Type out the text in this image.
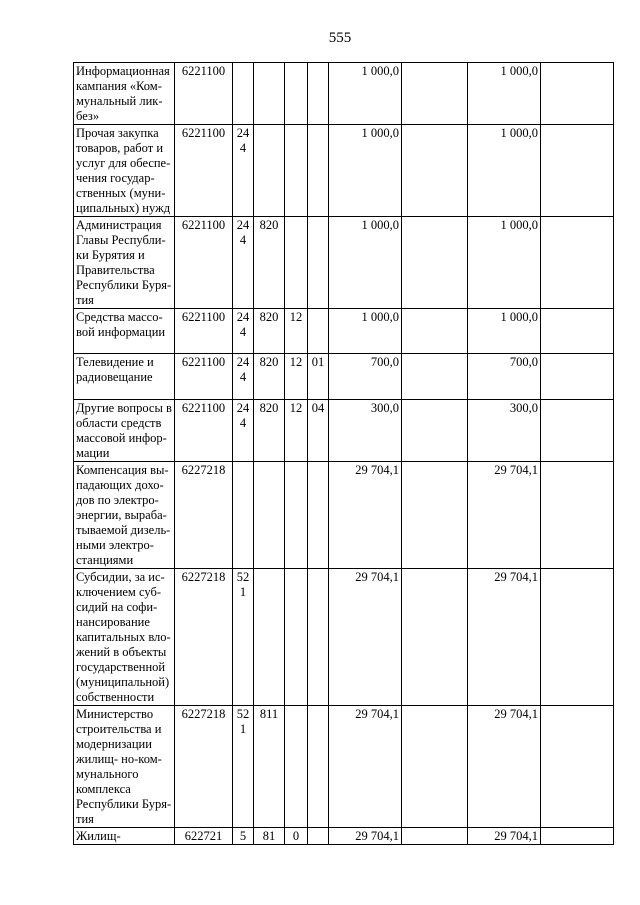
555
Информационная кампания «Коммунальный ликбез»	6221100					1 000,0		1 000,0	
Прочая закупка товаров, работ и услуг для обеспечения государственных (муниципальных) нужд	6221100	244				1 000,0		1 000,0	
Администрация Главы Республики Бурятия и Правительства Республики Бурятия	6221100	244	820			1 000,0		1 000,0	
Средства массовой информации	6221100	244	820	12		1 000,0		1 000,0	
Телевидение и радиовещание	6221100	244	820	12	01	700,0		700,0	
Другие вопросы в области средств массовой информации	6221100	244	820	12	04	300,0		300,0	
Компенсация выпадающих доходов по электроэнергии, вырабатываемой дизельными электростанциями	6227218					29 704,1		29 704,1	
Субсидии, за исключением субсидий на софинансирование капитальных вложений в объекты государственной (муниципальной) собственности	6227218	521				29 704,1		29 704,1	
Министерство строительства и модернизации жилищ- но-ком-мунального комплекса Республики Бурятия	6227218	521	811			29 704,1		29 704,1	
Жилищ-	622721	5	81	0		29 704,1		29 704,1	
